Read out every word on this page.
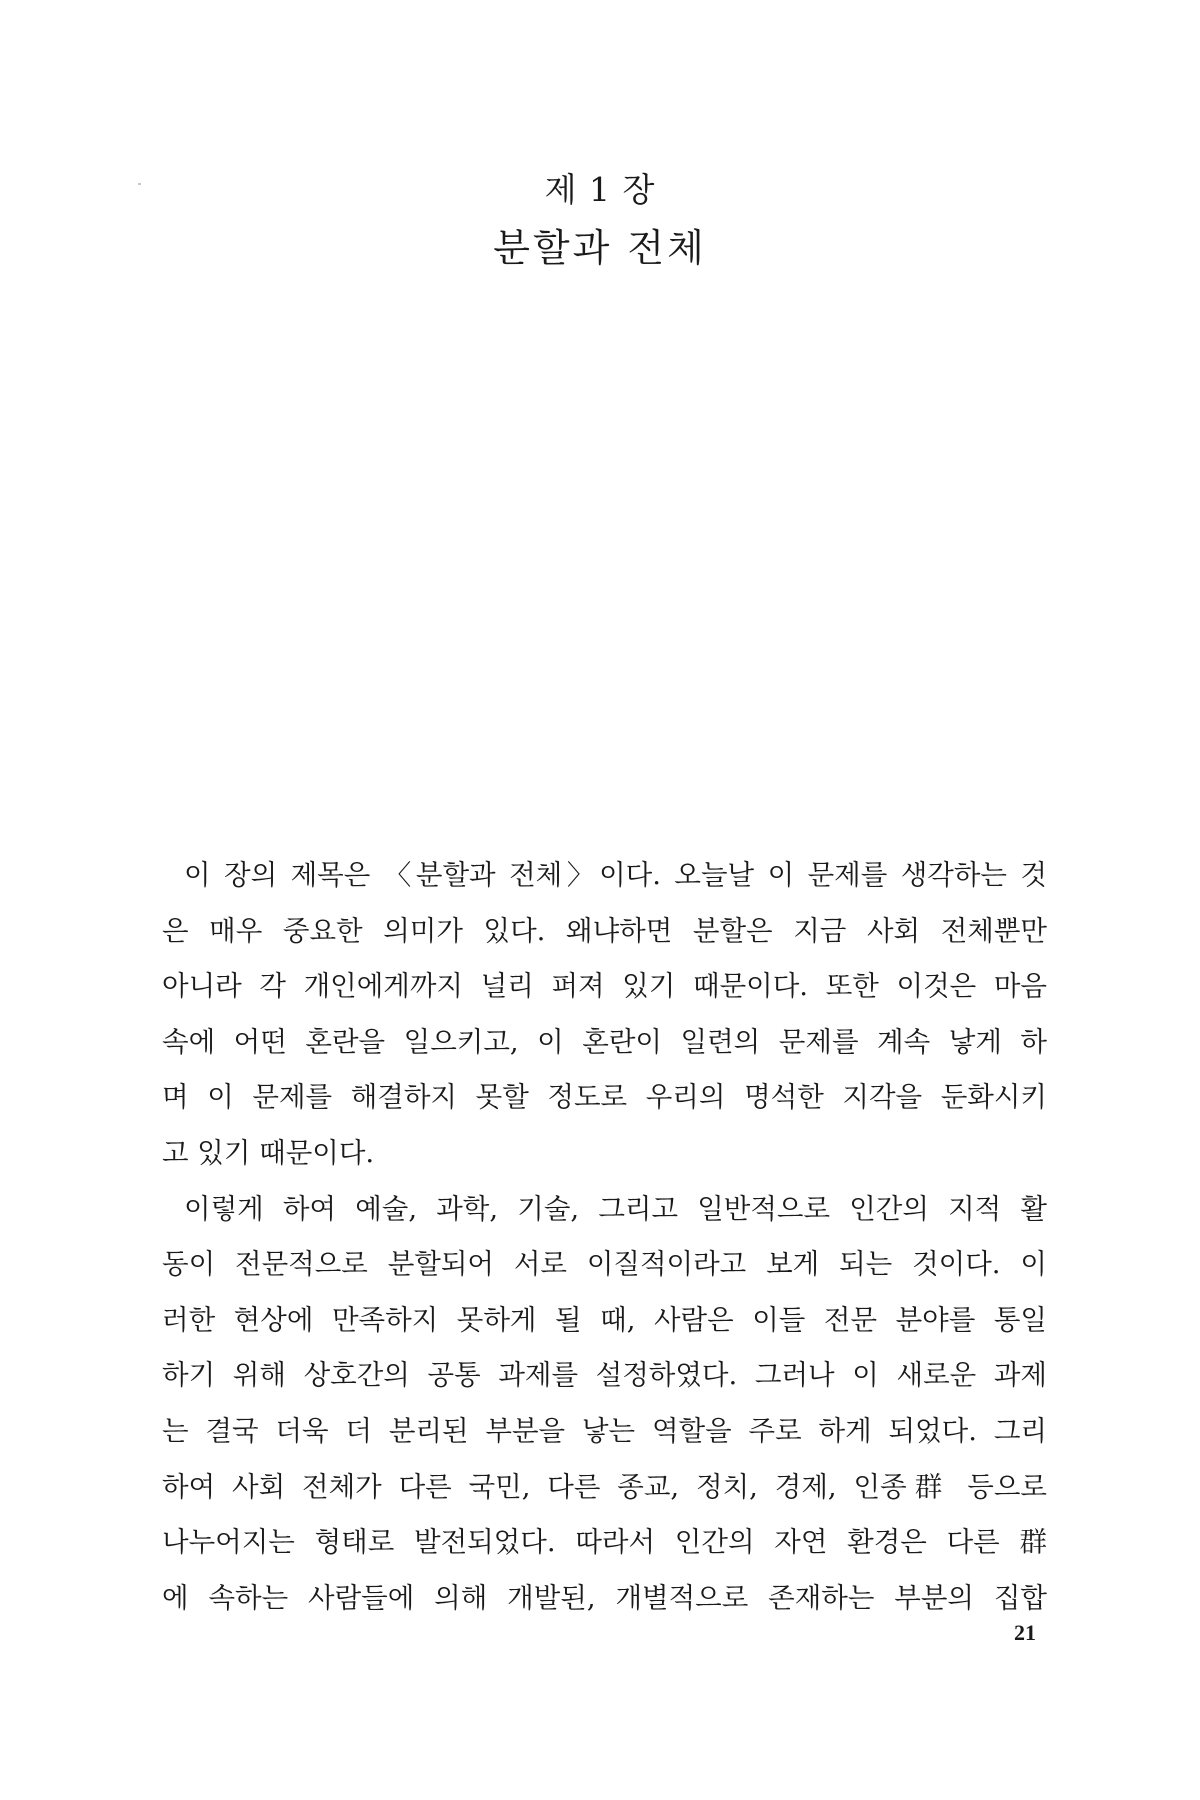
제 1 장
분할과 전체
이 장의 제목은 〈분할과 전체〉이다. 오늘날 이 문제를 생각하는 것
은 매우 중요한 의미가 있다. 왜냐하면 분할은 지금 사회 전체뿐만
아니라 각 개인에게까지 널리 퍼져 있기 때문이다. 또한 이것은 마음
속에 어떤 혼란을 일으키고, 이 혼란이 일련의 문제를 계속 낳게 하
며 이 문제를 해결하지 못할 정도로 우리의 명석한 지각을 둔화시키
고 있기 때문이다.
이렇게 하여 예술, 과학, 기술, 그리고 일반적으로 인간의 지적 활
동이 전문적으로 분할되어 서로 이질적이라고 보게 되는 것이다. 이
러한 현상에 만족하지 못하게 될 때, 사람은 이들 전문 분야를 통일
하기 위해 상호간의 공통 과제를 설정하였다. 그러나 이 새로운 과제
는 결국 더욱 더 분리된 부분을 낳는 역할을 주로 하게 되었다. 그리
하여 사회 전체가 다른 국민, 다른 종교, 정치, 경제, 인종群 등으로
나누어지는 형태로 발전되었다. 따라서 인간의 자연 환경은 다른 群
에 속하는 사람들에 의해 개발된, 개별적으로 존재하는 부분의 집합
21
